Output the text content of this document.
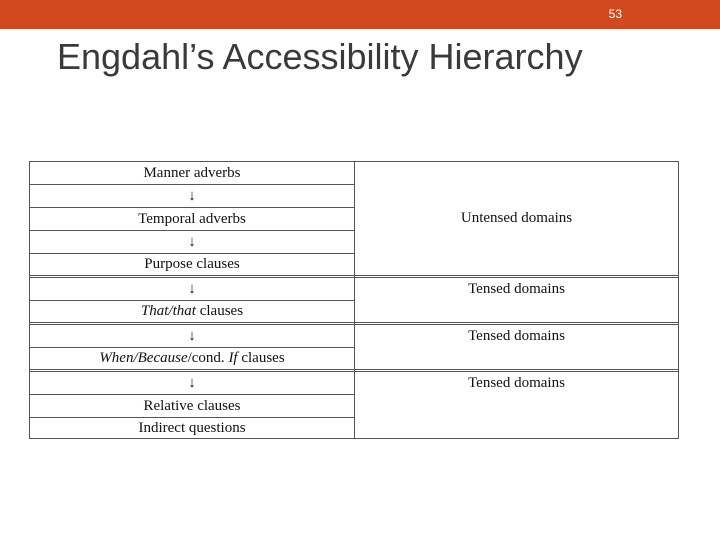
53
Engdahl’s Accessibility Hierarchy
Manner adverbs
↓
Temporal adverbs
↓
Purpose clauses
↓
That/that clauses
↓
When/Because /cond. If clauses
↓
Relative clauses
Indirect questions
Untensed domains
Tensed domains
Tensed domains
Tensed domains
